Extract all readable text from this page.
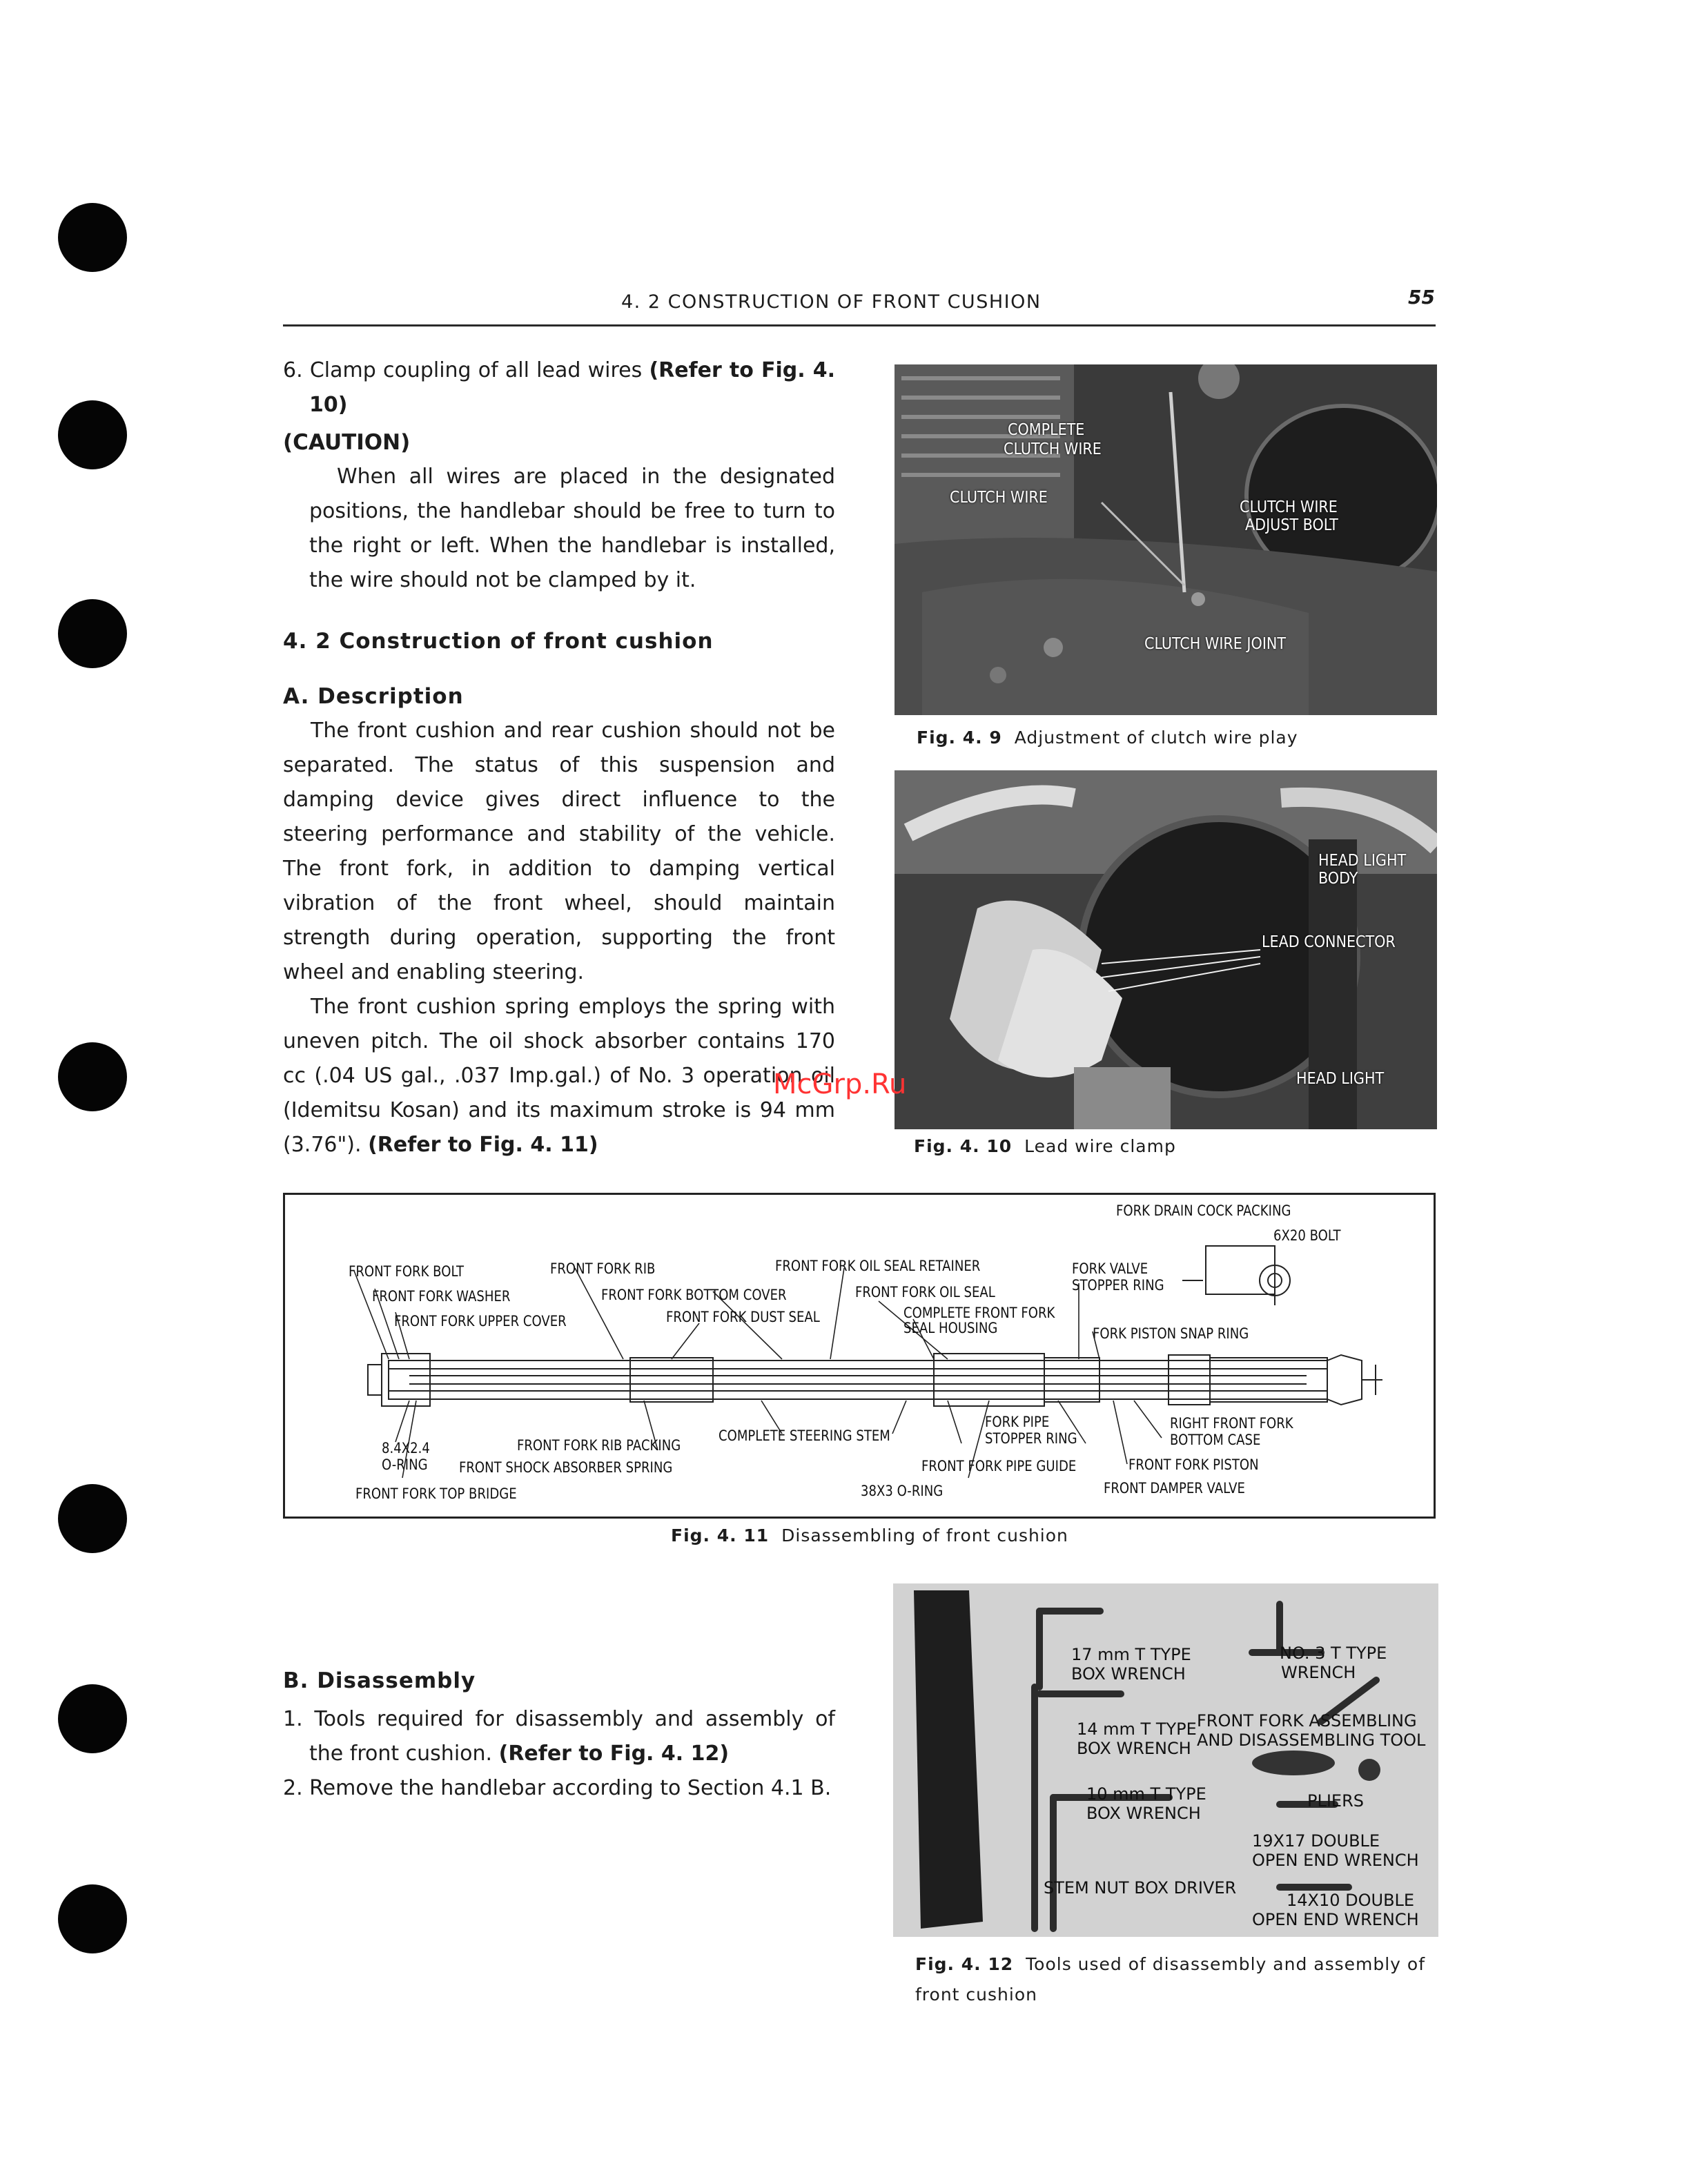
4. 2 CONSTRUCTION OF FRONT CUSHION	55

6. Clamp coupling of all lead wires (Refer to Fig. 4. 10)

(CAUTION)

When all wires are placed in the designated positions, the handlebar should be free to turn to the right or left. When the handlebar is installed, the wire should not be clamped by it.

4. 2 Construction of front cushion

A. Description

The front cushion and rear cushion should not be separated. The status of this suspension and damping device gives direct influence to the steering performance and stability of the vehicle. The front fork, in addition to damping vertical vibration of the front wheel, should maintain strength during operation, supporting the front wheel and enabling steering.

The front cushion spring employs the spring with uneven pitch. The oil shock absorber contains 170 cc (.04 US gal., .037 Imp.gal.) of No. 3 operation oil (Idemitsu Kosan) and its maximum stroke is 94 mm (3.76"). (Refer to Fig. 4. 11)

B. Disassembly

1. Tools required for disassembly and assembly of the front cushion. (Refer to Fig. 4. 12)

2. Remove the handlebar according to Section 4.1 B.

COMPLETE
CLUTCH WIRE
CLUTCH WIRE
CLUTCH WIRE
ADJUST BOLT
CLUTCH WIRE JOINT
Fig. 4. 9 Adjustment of clutch wire play
HEAD LIGHT
BODY
LEAD CONNECTOR
HEAD LIGHT
Fig. 4. 10 Lead wire clamp
McGrp.Ru
FORK DRAIN COCK PACKING
6X20 BOLT
FRONT FORK BOLT
FRONT FORK WASHER
FRONT FORK UPPER COVER
FRONT FORK RIB
FRONT FORK BOTTOM COVER
FRONT FORK DUST SEAL
FRONT FORK OIL SEAL RETAINER
FRONT FORK OIL SEAL
COMPLETE FRONT FORK
SEAL HOUSING
FORK VALVE
STOPPER RING
FORK PISTON SNAP RING
8.4X2.4
O-RING
FRONT FORK RIB PACKING
COMPLETE STEERING STEM
FRONT SHOCK ABSORBER SPRING
FRONT FORK TOP BRIDGE
FORK PIPE
STOPPER RING
FRONT FORK PIPE GUIDE
38X3 O-RING
RIGHT FRONT FORK
BOTTOM CASE
FRONT FORK PISTON
FRONT DAMPER VALVE
Fig. 4. 11 Disassembling of front cushion
17 mm T TYPE
BOX WRENCH
NO. 3 T TYPE
WRENCH
14 mm T TYPE
BOX WRENCH
FRONT FORK ASSEMBLING
AND DISASSEMBLING TOOL
10 mm T TYPE
BOX WRENCH
PLIERS
19X17 DOUBLE
OPEN END WRENCH
STEM NUT BOX DRIVER
14X10 DOUBLE
OPEN END WRENCH
Fig. 4. 12 Tools used of disassembly and assembly of front cushion
